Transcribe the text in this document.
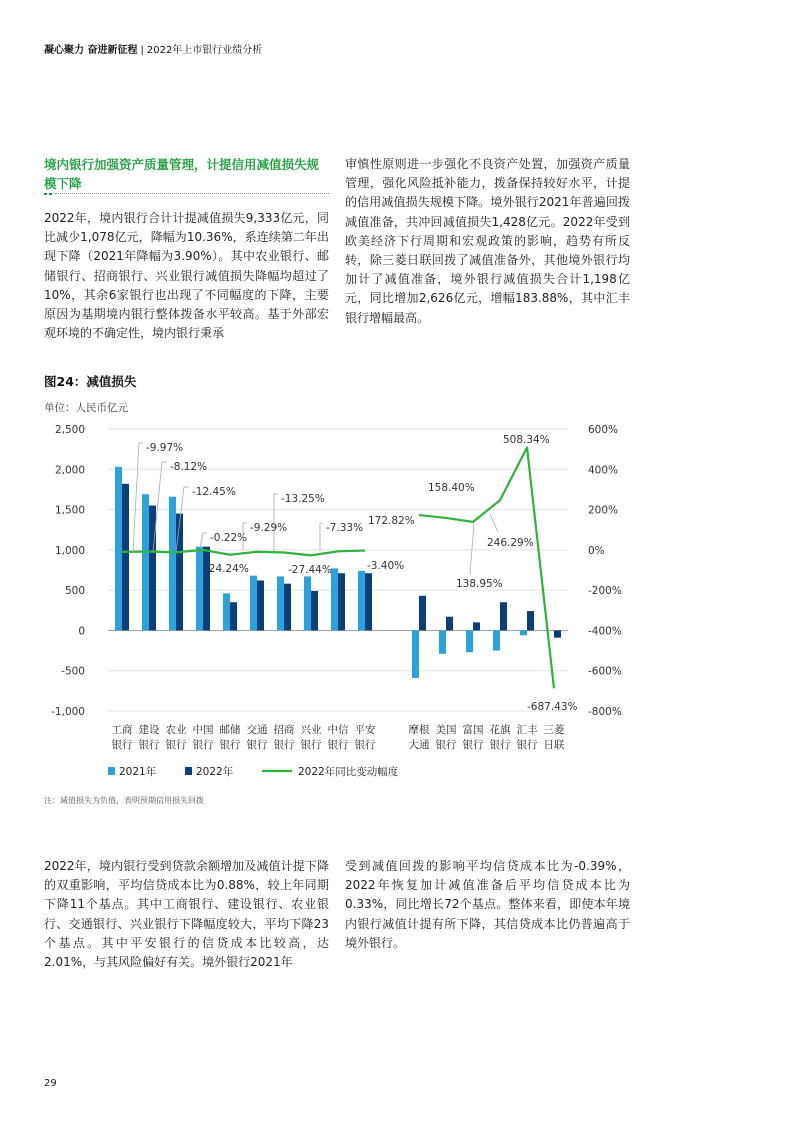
凝心聚力 奋进新征程 | 2022年上市银行业绩分析
境内银行加强资产质量管理，计提信用减值损失规模下降
2022年，境内银行合计计提减值损失9,333亿元，同比减少1,078亿元，降幅为10.36%，系连续第二年出现下降（2021年降幅为3.90%）。其中农业银行、邮储银行、招商银行、兴业银行减值损失降幅均超过了10%，其余6家银行也出现了不同幅度的下降，主要原因为基期境内银行整体拨备水平较高。基于外部宏观环境的不确定性，境内银行秉承
审慎性原则进一步强化不良资产处置，加强资产质量管理，强化风险抵补能力，拨备保持较好水平，计提的信用减值损失规模下降。境外银行2021年普遍回拨减值准备，共冲回减值损失1,428亿元。2022年受到欧美经济下行周期和宏观政策的影响，趋势有所反转，除三菱日联回拨了减值准备外，其他境外银行均加计了减值准备，境外银行减值损失合计1,198亿元，同比增加2,626亿元，增幅183.88%，其中汇丰银行增幅最高。
图24：减值损失
单位：人民币亿元
2,500
2,000
1,500
1,000
500
0
-500
-1,000
600%
400%
200%
0%
-200%
-400%
-600%
-800%
-9.97%
-8.12%
-12.45%
-0.22%
-24.24%
-9.29%
-13.25%
-27.44%
-7.33%
-3.40%
172.82%
158.40%
138.95%
246.29%
508.34%
-687.43%
工商
银行
建设
银行
农业
银行
中国
银行
邮储
银行
交通
银行
招商
银行
兴业
银行
中信
银行
平安
银行
摩根
大通
美国
银行
富国
银行
花旗
银行
汇丰
银行
三菱
日联
2021年	2022年	2022年同比变动幅度
注：减值损失为负值，表明预期信用损失回拨
2022年，境内银行受到贷款余额增加及减值计提下降的双重影响，平均信贷成本比为0.88%，较上年同期下降11个基点。其中工商银行、建设银行、农业银行、交通银行、兴业银行下降幅度较大，平均下降23个基点。其中平安银行的信贷成本比较高，达2.01%，与其风险偏好有关。境外银行2021年
受到减值回拨的影响平均信贷成本比为-0.39%，2022年恢复加计减值准备后平均信贷成本比为0.33%，同比增长72个基点。整体来看，即使本年境内银行减值计提有所下降，其信贷成本比仍普遍高于境外银行。
29
